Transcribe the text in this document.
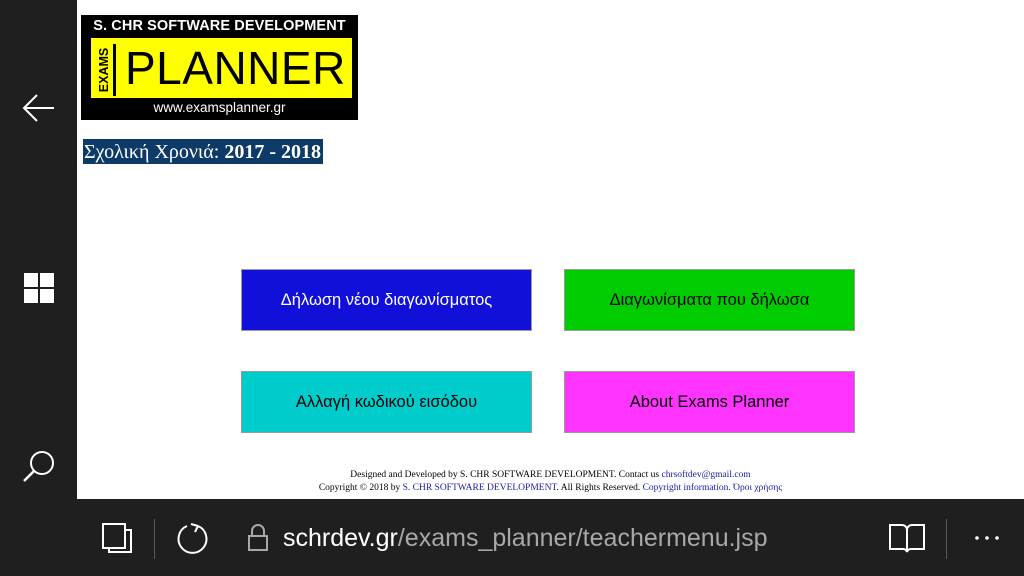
S. CHR SOFTWARE DEVELOPMENT
EXAMS PLANNER
www.examsplanner.gr
Σχολική Χρονιά: 2017 - 2018
Δήλωση νέου διαγωνίσματος	Διαγωνίσματα που δήλωσα
Αλλαγή κωδικού εισόδου	About Exams Planner
Designed and Developed by S. CHR SOFTWARE DEVELOPMENT. Contact us chrsoftdev@gmail.com
Copyright © 2018 by S. CHR SOFTWARE DEVELOPMENT. All Rights Reserved. Copyright information. Όροι χρήσης
schrdev.gr /exams_planner/teachermenu.jsp
